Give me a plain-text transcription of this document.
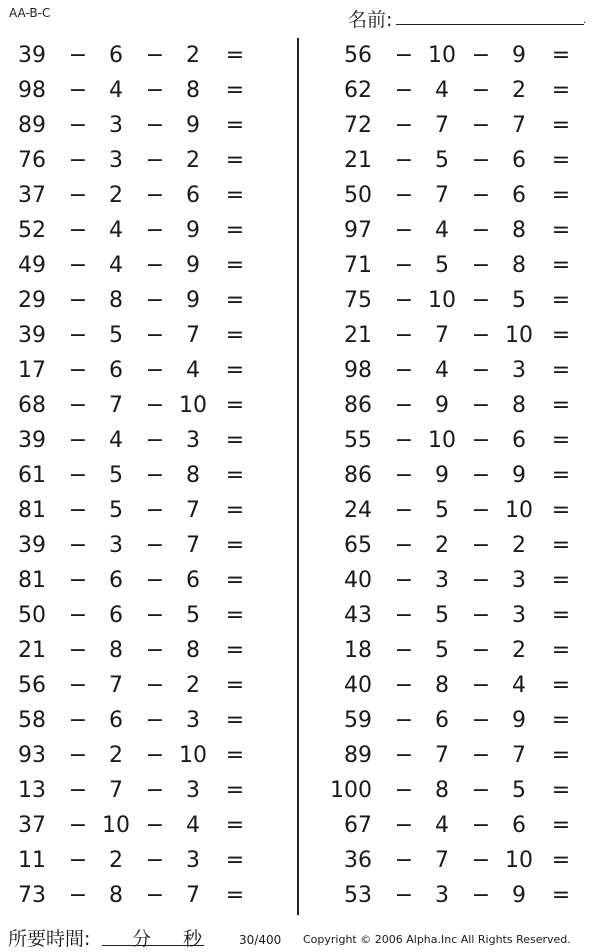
AA-B-C	名前:	.
39 − 6	− 2	=
98 − 4	− 8	=
89 − 3	− 9	=
76 − 3	− 2	=
37 − 2	− 6	=
52 − 4	− 9	=
49 − 4	− 9	=
29 − 8	− 9	=
39 − 5	− 7	=
17 − 6	− 4	=
68 − 7	− 10 =
39 − 4	− 3	=
61 − 5	− 8	=
81 − 5	− 7	=
39 − 3	− 7	=
81 − 6	− 6	=
50 − 6	− 5	=
21 − 8	− 8	=
56 − 7	− 2	=
58 − 6	− 3	=
93 − 2	− 10 =
13 − 7	− 3	=
37 − 10 − 4	=
11 − 2	− 3	=
73 − 8	− 7	=
56 − 10 − 9	=
62 − 4	− 2	=
72 − 7	− 7	=
21 − 5	− 6	=
50 − 7	− 6	=
97 − 4	− 8	=
71 − 5	− 8	=
75 − 10 − 5	=
21 − 7	− 10 =
98 − 4	− 3	=
86 − 9	− 8	=
55 − 10 − 6	=
86 − 9	− 9	=
24 − 5	− 10 =
65 − 2	− 2	=
40 − 3	− 3	=
43 − 5	− 3	=
18 − 5	− 2	=
40 − 8	− 4	=
59 − 6	− 9	=
89 − 7	− 7	=
100 − 8	− 5	=
67 − 4	− 6	=
36 − 7	− 10 =
53 − 3	− 9	=
所要時間: 分 秒	30/400 Copyright © 2006 Alpha.Inc All Rights Reserved.
